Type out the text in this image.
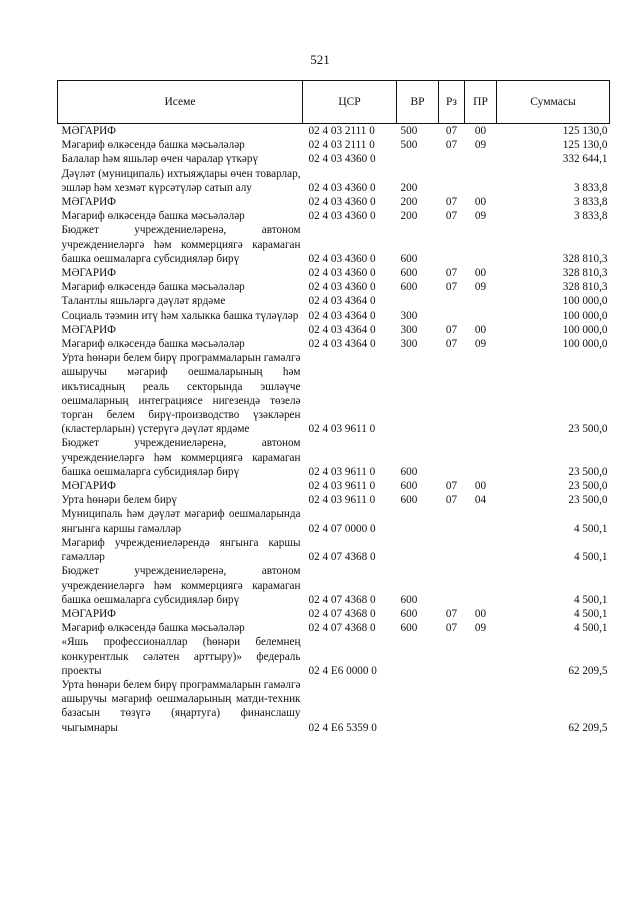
521
Исеме	ЦСР	ВР	Рз	ПР	Суммасы
МӘГАРИФ	02 4 03 2111 0	500	07	00	125 130,0
Мәгариф өлкәсендә башка мәсьәләләр	02 4 03 2111 0	500	07	09	125 130,0
Балалар һәм яшьләр өчен чаралар үткәрү	02 4 03 4360 0				332 644,1
Дәүләт (муниципаль) ихтыяҗлары өчен товарлар, эшләр һәм хезмәт күрсәтүләр сатып алу	02 4 03 4360 0	200			3 833,8
МӘГАРИФ	02 4 03 4360 0	200	07	00	3 833,8
Мәгариф өлкәсендә башка мәсьәләләр	02 4 03 4360 0	200	07	09	3 833,8
Бюджет учреждениеләренә, автоном учреждениеләргә һәм коммерциягә карамаган башка оешмаларга субсидияләр бирү	02 4 03 4360 0	600			328 810,3
МӘГАРИФ	02 4 03 4360 0	600	07	00	328 810,3
Мәгариф өлкәсендә башка мәсьәләләр	02 4 03 4360 0	600	07	09	328 810,3
Талантлы яшьләргә дәүләт ярдәме	02 4 03 4364 0				100 000,0
Социаль тәэмин итү һәм халыкка башка түләүләр	02 4 03 4364 0	300			100 000,0
МӘГАРИФ	02 4 03 4364 0	300	07	00	100 000,0
Мәгариф өлкәсендә башка мәсьәләләр	02 4 03 4364 0	300	07	09	100 000,0
Урта һөнәри белем бирү программаларын гамәлгә ашыручы мәгариф оешмаларының һәм икътисадның реаль секторында эшләүче оешмаларның интеграциясе нигезендә төзелә торган белем бирү-производство үзәкләрен (кластерларын) үстерүгә дәүләт ярдәме	02 4 03 9611 0				23 500,0
Бюджет учреждениеләренә, автоном учреждениеләргә һәм коммерциягә карамаган башка оешмаларга субсидияләр бирү	02 4 03 9611 0	600			23 500,0
МӘГАРИФ	02 4 03 9611 0	600	07	00	23 500,0
Урта һөнәри белем бирү	02 4 03 9611 0	600	07	04	23 500,0
Муниципаль һәм дәүләт мәгариф оешмаларында янгынга каршы гамәлләр	02 4 07 0000 0				4 500,1
Мәгариф учреждениеләрендә янгынга каршы гамәлләр	02 4 07 4368 0				4 500,1
Бюджет учреждениеләренә, автоном учреждениеләргә һәм коммерциягә карамаган башка оешмаларга субсидияләр бирү	02 4 07 4368 0	600			4 500,1
МӘГАРИФ	02 4 07 4368 0	600	07	00	4 500,1
Мәгариф өлкәсендә башка мәсьәләләр	02 4 07 4368 0	600	07	09	4 500,1
«Яшь профессионаллар (һөнәри белемнең конкурентлык сәләтен арттыру)» федераль проекты	02 4 E6 0000 0				62 209,5
Урта һөнәри белем бирү программаларын гамәлгә ашыручы мәгариф оешмаларының матди-техник базасын төзүгә (яңартуга) финанслашу чыгымнары	02 4 E6 5359 0				62 209,5
